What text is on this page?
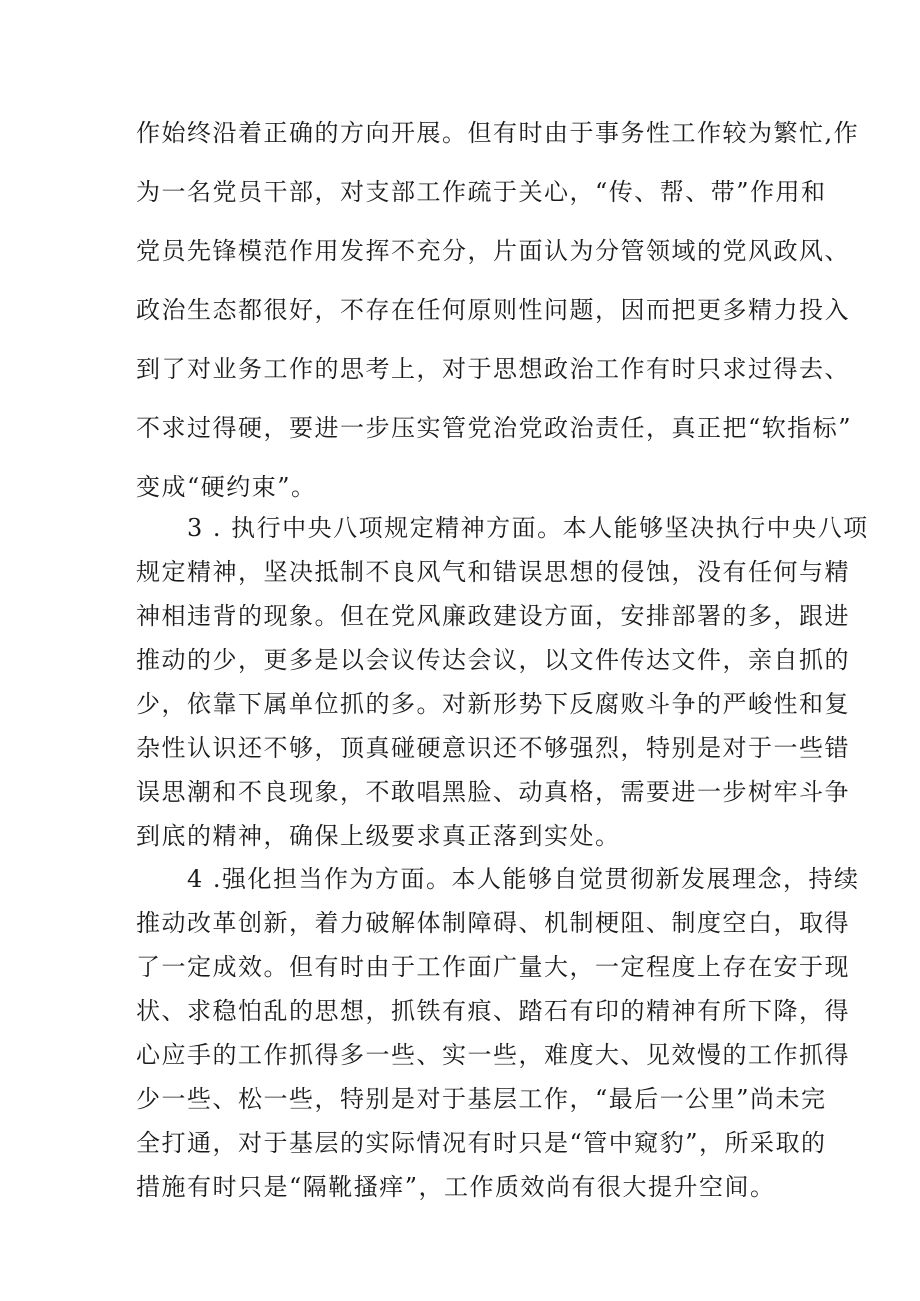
作始终沿着正确的方向开展。但有时由于事务性工作较为繁忙,作
为一名党员干部，对支部工作疏于关心，“传、帮、带”作用和
党员先锋模范作用发挥不充分，片面认为分管领域的党风政风、
政治生态都很好，不存在任何原则性问题，因而把更多精力投入
到了对业务工作的思考上，对于思想政治工作有时只求过得去、
不求过得硬，要进一步压实管党治党政治责任，真正把“软指标”
变成“硬约束”。
　　3 . 执行中央八项规定精神方面。本人能够坚决执行中央八项
规定精神，坚决抵制不良风气和错误思想的侵蚀，没有任何与精
神相违背的现象。但在党风廉政建设方面，安排部署的多，跟进
推动的少，更多是以会议传达会议，以文件传达文件，亲自抓的
少，依靠下属单位抓的多。对新形势下反腐败斗争的严峻性和复
杂性认识还不够，顶真碰硬意识还不够强烈，特别是对于一些错
误思潮和不良现象，不敢唱黑脸、动真格，需要进一步树牢斗争
到底的精神，确保上级要求真正落到实处。
　　4 .强化担当作为方面。本人能够自觉贯彻新发展理念，持续
推动改革创新，着力破解体制障碍、机制梗阻、制度空白，取得
了一定成效。但有时由于工作面广量大，一定程度上存在安于现
状、求稳怕乱的思想，抓铁有痕、踏石有印的精神有所下降，得
心应手的工作抓得多一些、实一些，难度大、见效慢的工作抓得
少一些、松一些，特别是对于基层工作，“最后一公里”尚未完
全打通，对于基层的实际情况有时只是“管中窥豹”，所采取的
措施有时只是“隔靴搔痒”，工作质效尚有很大提升空间。
